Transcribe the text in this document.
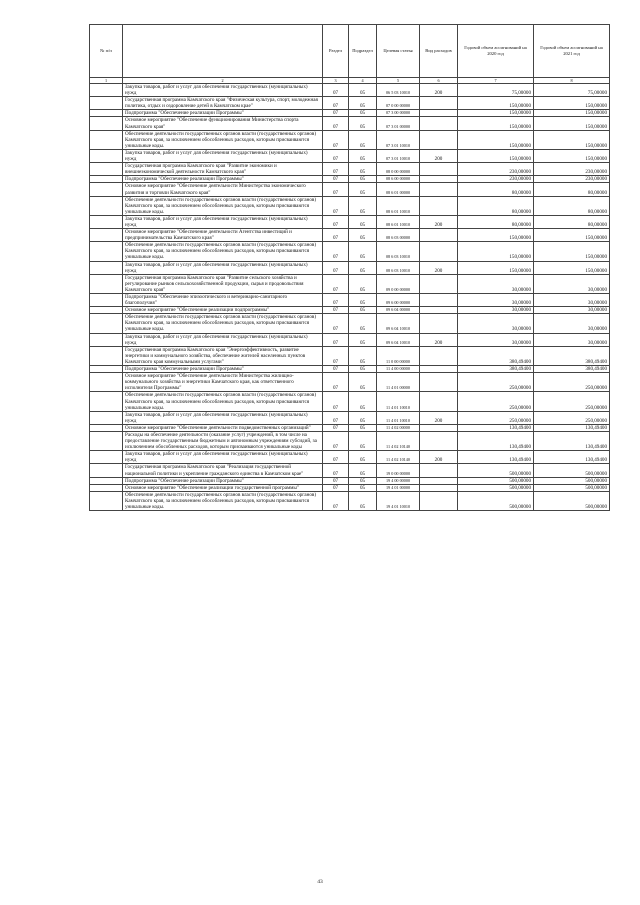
№ п/п		Раздел	Подраздел	Целевая статья	Вид расходов	Годовой объем ассигнований на 2020 год	Годовой объем ассигнований на 2021 год
1	2	3	4	5	6	7	8
	Закупка товаров, работ и услуг для обеспечения государственных (муниципальных) нужд	07	05	06 5 03 10010	200	75,00000	75,00000
	Государственная программа Камчатского края "Физическая культура, спорт, молодежная политика, отдых и оздоровление детей в Камчатском крае"	07	05	07 0 00 00000		150,00000	150,00000
	Подпрограмма "Обеспечение реализации Программы"	07	05	07 3 00 00000		150,00000	150,00000
	Основное мероприятие "Обеспечение функционирования Министерства спорта Камчатского края"	07	05	07 3 01 00000		150,00000	150,00000
	Обеспечение деятельности государственных органов власти (государственных органов) Камчатского края, за исключением обособленных расходов, которым присваиваются уникальные коды.	07	05	07 3 01 10010		150,00000	150,00000
	Закупка товаров, работ и услуг для обеспечения государственных (муниципальных) нужд	07	05	07 3 01 10010	200	150,00000	150,00000
	Государственная программа Камчатского края "Развитие экономики и внешнеэкономической деятельности Камчатского края"	07	05	08 0 00 00000		230,00000	230,00000
	Подпрограмма "Обеспечение реализации Программы"	07	05	08 6 00 00000		230,00000	230,00000
	Основное мероприятие "Обеспечение деятельности Министерства экономического развития и торговли Камчатского края"	07	05	08 6 01 00000		80,00000	80,00000
	Обеспечение деятельности государственных органов власти (государственных органов) Камчатского края, за исключением обособленных расходов, которым присваиваются уникальные коды.	07	05	08 6 01 10010		80,00000	80,00000
	Закупка товаров, работ и услуг для обеспечения государственных (муниципальных) нужд	07	05	08 6 01 10010	200	80,00000	80,00000
	Основное мероприятие "Обеспечение деятельности Агентства инвестиций и предпринимательства Камчатского края"	07	05	08 6 03 00000		150,00000	150,00000
	Обеспечение деятельности государственных органов власти (государственных органов) Камчатского края, за исключением обособленных расходов, которым присваиваются уникальные коды.	07	05	08 6 03 10010		150,00000	150,00000
	Закупка товаров, работ и услуг для обеспечения государственных (муниципальных) нужд	07	05	08 6 03 10010	200	150,00000	150,00000
	Государственная программа Камчатского края "Развитие сельского хозяйства и регулирование рынков сельскохозяйственной продукции, сырья и продовольствия Камчатского края"	07	05	09 0 00 00000		30,00000	30,00000
	Подпрограмма "Обеспечение эпизоотического и ветеринарно-санитарного благополучия"	07	05	09 6 00 00000		30,00000	30,00000
	Основное мероприятие "Обеспечение реализации подпрограммы"	07	05	09 6 04 00000		30,00000	30,00000
	Обеспечение деятельности государственных органов власти (государственных органов) Камчатского края, за исключением обособленных расходов, которым присваиваются уникальные коды.	07	05	09 6 04 10010		30,00000	30,00000
	Закупка товаров, работ и услуг для обеспечения государственных (муниципальных) нужд	07	05	09 6 04 10010	200	30,00000	30,00000
	Государственная программа Камчатского края "Энергоэффективность, развитие энергетики и коммунального хозяйства, обеспечение жителей населенных пунктов Камчатского края коммунальными услугами"	07	05	11 0 00 00000		380,49400	380,49400
	Подпрограмма "Обеспечение реализации Программы"	07	05	11 4 00 00000		380,49400	380,49400
	Основное мероприятие "Обеспечение деятельности Министерства жилищно-коммунального хозяйства и энергетики Камчатского края, как ответственного исполнителя Программы"	07	05	11 4 01 00000		250,00000	250,00000
	Обеспечение деятельности государственных органов власти (государственных органов) Камчатского края, за исключением обособленных расходов, которым присваиваются уникальные коды.	07	05	11 4 01 10010		250,00000	250,00000
	Закупка товаров, работ и услуг для обеспечения государственных (муниципальных) нужд	07	05	11 4 01 10010	200	250,00000	250,00000
	Основное мероприятие "Обеспечение деятельности подведомственных организаций"	07	05	11 4 02 00000		130,49400	130,49400
	Расходы на обеспечение деятельности (оказание услуг) учреждений, в том числе на предоставление государственным бюджетным и автономным учреждениям субсидий, за исключением обособленных расходов, которым присваиваются уникальные коды	07	05	11 4 02 10140		130,49400	130,49400
	Закупка товаров, работ и услуг для обеспечения государственных (муниципальных) нужд	07	05	11 4 02 10140	200	130,49400	130,49400
	Государственная программа Камчатского края "Реализация государственной национальной политики и укрепление гражданского единства в Камчатском крае"	07	05	19 0 00 00000		500,00000	500,00000
	Подпрограмма "Обеспечение реализации Программы"	07	05	19 4 00 00000		500,00000	500,00000
	Основное мероприятие "Обеспечение реализации государственной программы"	07	05	19 4 01 00000		500,00000	500,00000
	Обеспечение деятельности государственных органов власти (государственных органов) Камчатского края, за исключением обособленных расходов, которым присваиваются уникальные коды.	07	05	19 4 01 10010		500,00000	500,00000
43
